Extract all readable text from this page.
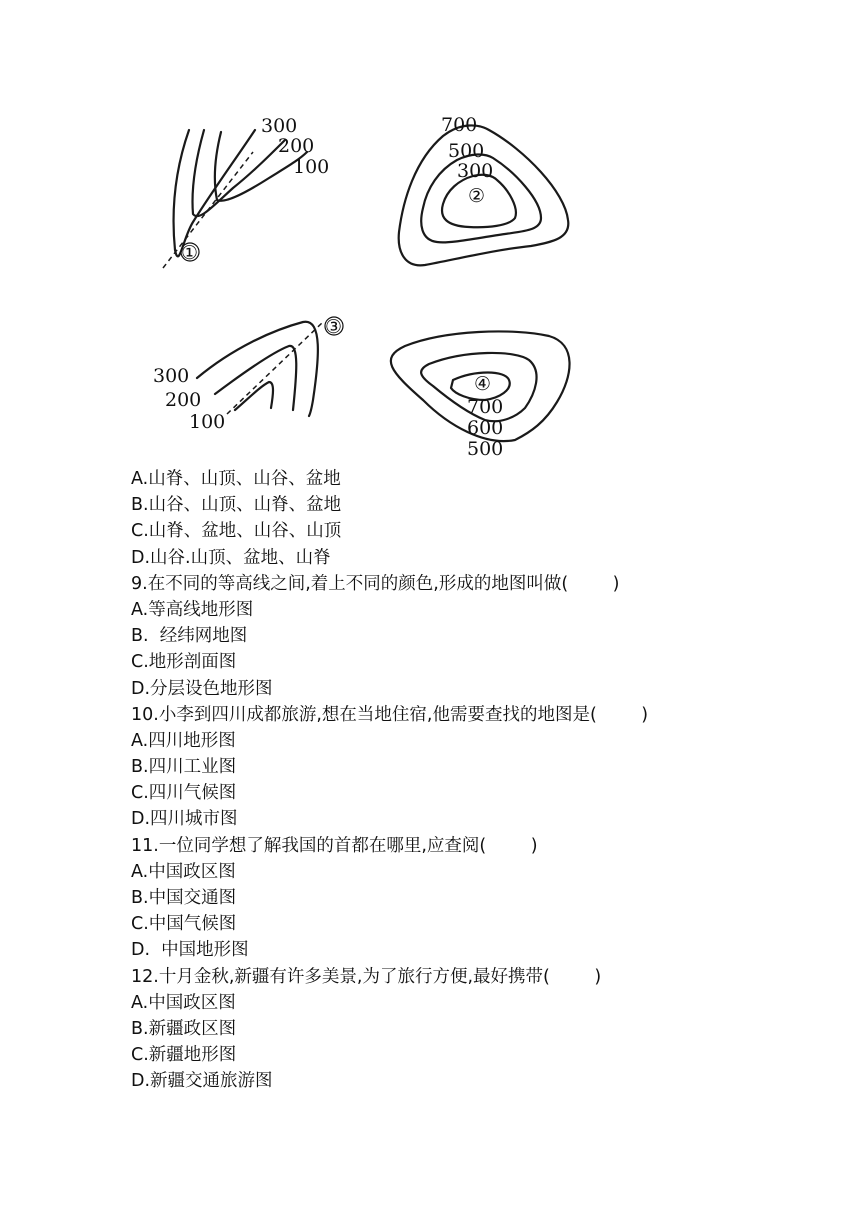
300
200
100
①
700
500
300
②
300
200
100
③
④
700
600
500
A.山脊、山顶、山谷、盆地
B.山谷、山顶、山脊、盆地
C.山脊、盆地、山谷、山顶
D.山谷.山顶、盆地、山脊
9.在不同的等高线之间,着上不同的颜色,形成的地图叫做(        )
A.等高线地形图
B.  经纬网地图
C.地形剖面图
D.分层设色地形图
10.小李到四川成都旅游,想在当地住宿,他需要查找的地图是(        )
A.四川地形图
B.四川工业图
C.四川气候图
D.四川城市图
11.一位同学想了解我国的首都在哪里,应查阅(        )
A.中国政区图
B.中国交通图
C.中国气候图
D.  中国地形图
12.十月金秋,新疆有许多美景,为了旅行方便,最好携带(        )
A.中国政区图
B.新疆政区图
C.新疆地形图
D.新疆交通旅游图
